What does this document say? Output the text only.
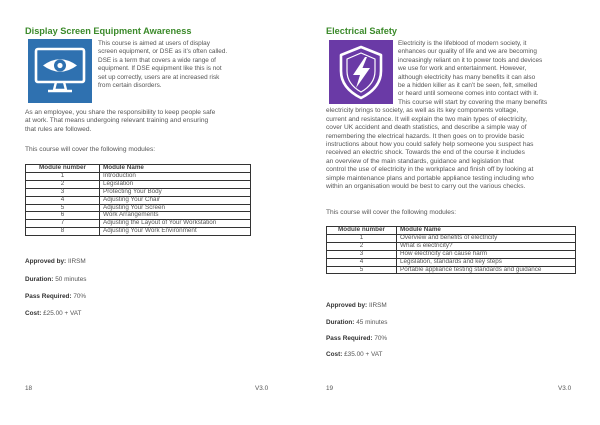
Display Screen Equipment Awareness
This course is aimed at users of display
screen equipment, or DSE as it’s often called.
DSE is a term that covers a wide range of
equipment. If DSE equipment like this is not
set up correctly, users are at increased risk
from certain disorders.
As an employee, you share the responsibility to keep people safe
at work. That means undergoing relevant training and ensuring
that rules are followed.

This course will cover the following modules:

Module number	Module Name
1	Introduction
2	Legislation
3	Protecting Your Body
4	Adjusting Your Chair
5	Adjusting Your Screen
6	Work Arrangements
7	Adjusting the Layout of Your Workstation
8	Adjusting Your Work Environment

Approved by: IIRSM

Duration: 50 minutes

Pass Required: 70%

Cost: £25.00 + VAT

18	V3.0

Electrical Safety
Electricity is the lifeblood of modern society, it
enhances our quality of life and we are becoming
increasingly reliant on it to power tools and devices
we use for work and entertainment. However,
although electricity has many benefits it can also
be a hidden killer as it can’t be seen, felt, smelled
or heard until someone comes into contact with it.
This course will start by covering the many benefits
electricity brings to society, as well as its key components voltage,
current and resistance. It will explain the two main types of electricity,
cover UK accident and death statistics, and describe a simple way of
remembering the electrical hazards. It then goes on to provide basic
instructions about how you could safely help someone you suspect has
received an electric shock. Towards the end of the course it includes
an overview of the main standards, guidance and legislation that
control the use of electricity in the workplace and finish off by looking at
simple maintenance plans and portable appliance testing including who
within an organisation would be best to carry out the various checks.

This course will cover the following modules:

Module number	Module Name
1	Overview and benefits of electricity
2	What is electricity?
3	How electricity can cause harm
4	Legislation, standards and key steps
5	Portable appliance testing standards and guidance

Approved by: IIRSM

Duration: 45 minutes

Pass Required: 70%

Cost: £35.00 + VAT

19	V3.0
